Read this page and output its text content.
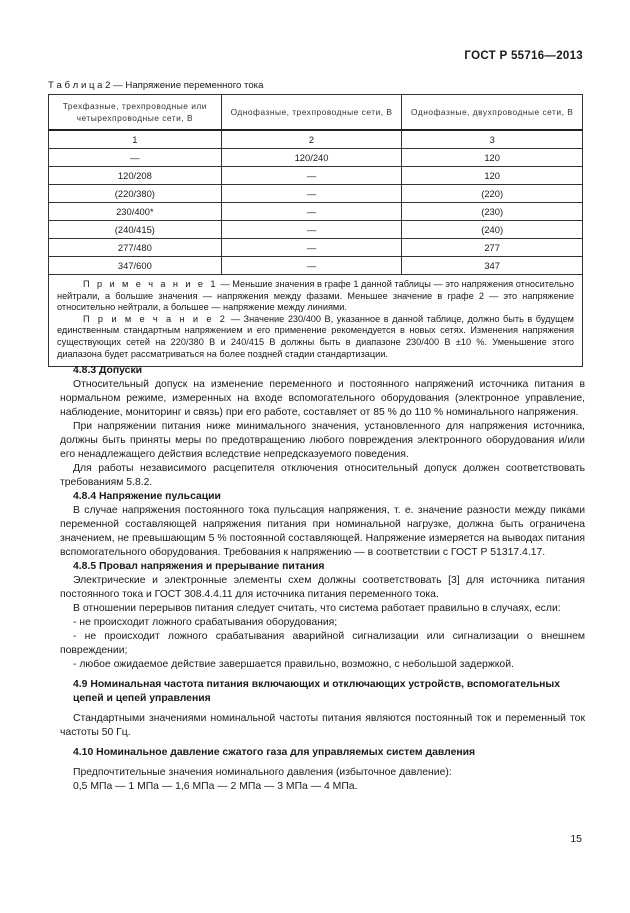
ГОСТ Р 55716—2013
Т а б л и ц а 2 — Напряжение переменного тока
Трехфазные, трехпроводные или четырехпроводные сети, В	Однофазные, трехпроводные сети, В	Однофазные, двухпроводные сети, В
1	2	3
—	120/240	120
120/208	—	120
(220/380)	—	(220)
230/400*	—	(230)
(240/415)	—	(240)
277/480	—	277
347/600	—	347

П р и м е ч а н и е 1 — Меньшие значения в графе 1 данной таблицы — это напряжения относительно нейтрали, а большие значения — напряжения между фазами. Меньшее значение в графе 2 — это напряжение относительно нейтрали, а большее — напряжение между линиями.

П р и м е ч а н и е 2 — Значение 230/400 В, указанное в данной таблице, должно быть в будущем единственным стандартным напряжением и его применение рекомендуется в новых сетях. Изменения напряжения существующих сетей на 220/380 В и 240/415 В должны быть в диапазоне 230/400 В ±10 %. Уменьшение этого диапазона будет рассматриваться на более поздней стадии стандартизации.		

4.8.3 Допуски

Относительный допуск на изменение переменного и постоянного напряжений источника питания в нормальном режиме, измеренных на входе вспомогательного оборудования (электронное управление, наблюдение, мониторинг и связь) при его работе, составляет от 85 % до 110 % номинального напряжения.

При напряжении питания ниже минимального значения, установленного для напряжения источника, должны быть приняты меры по предотвращению любого повреждения электронного оборудования и/или его ненадлежащего действия вследствие непредсказуемого поведения.

Для работы независимого расцепителя отключения относительный допуск должен соответствовать требованиям 5.8.2.

4.8.4 Напряжение пульсации

В случае напряжения постоянного тока пульсация напряжения, т. е. значение разности между пиками переменной составляющей напряжения питания при номинальной нагрузке, должна быть ограничена значением, не превышающим 5 % постоянной составляющей. Напряжение измеряется на выводах питания вспомогательного оборудования. Требования к напряжению — в соответствии с ГОСТ Р 51317.4.17.

4.8.5 Провал напряжения и прерывание питания

Электрические и электронные элементы схем должны соответствовать [3] для источника питания постоянного тока и ГОСТ 308.4.4.11 для источника питания переменного тока.

В отношении перерывов питания следует считать, что система работает правильно в случаях, если:

- не происходит ложного срабатывания оборудования;

- не происходит ложного срабатывания аварийной сигнализации или сигнализации о внешнем повреждении;

- любое ожидаемое действие завершается правильно, возможно, с небольшой задержкой.

4.9 Номинальная частота питания включающих и отключающих устройств, вспомогательных цепей и цепей управления

Стандартными значениями номинальной частоты питания являются постоянный ток и переменный ток частоты 50 Гц.

4.10 Номинальное давление сжатого газа для управляемых систем давления

Предпочтительные значения номинального давления (избыточное давление):

0,5 МПа — 1 МПа — 1,6 МПа — 2 МПа — 3 МПа — 4 МПа.

15
